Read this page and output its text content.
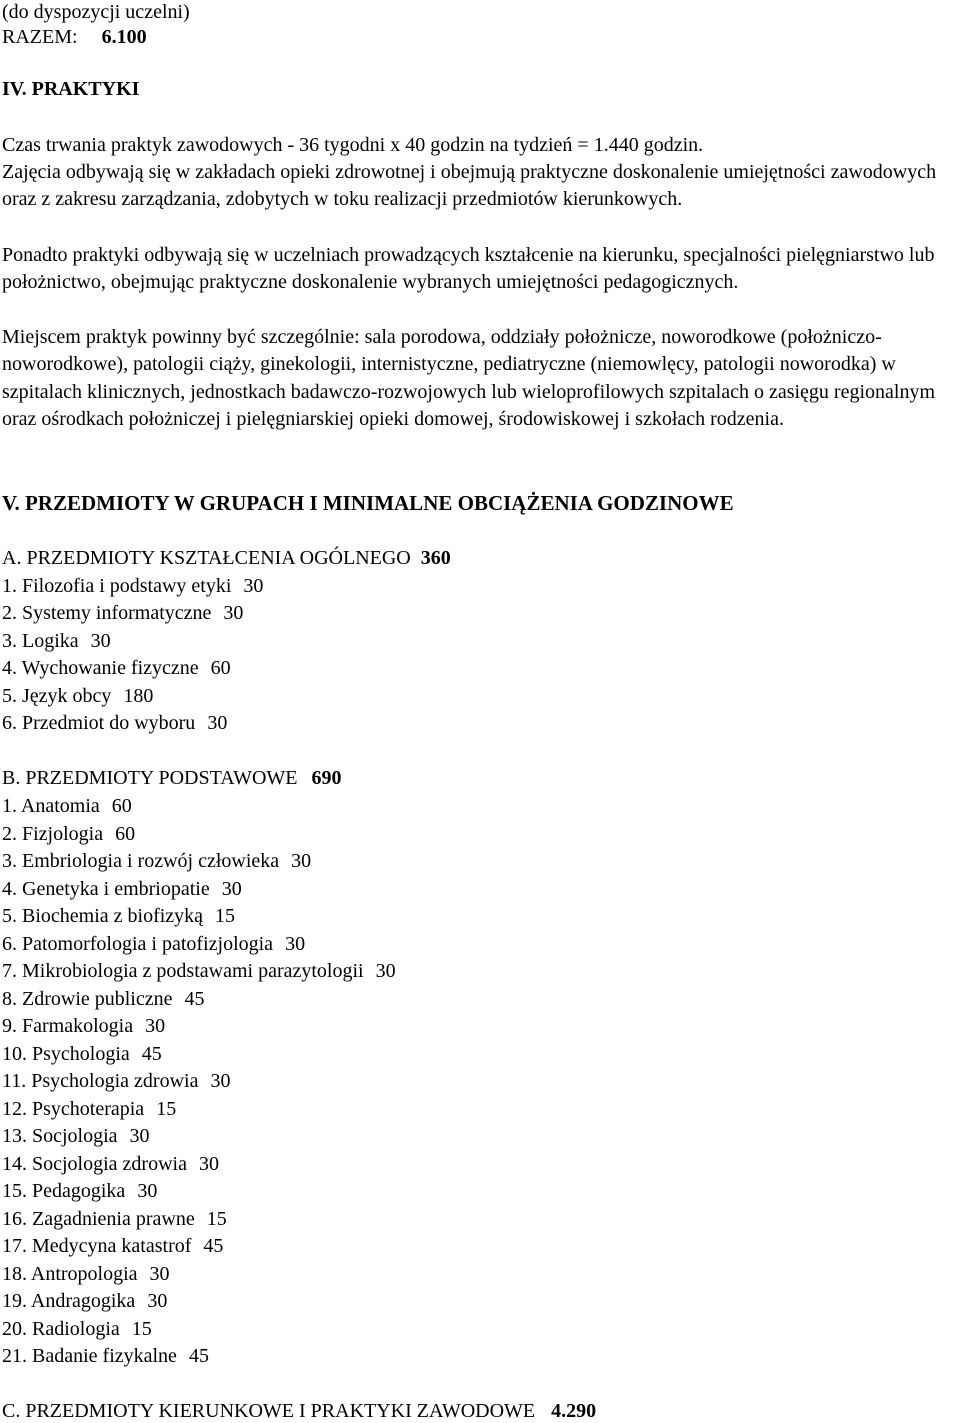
(do dyspozycji uczelni)
RAZEM: 6.100
IV. PRAKTYKI
Czas trwania praktyk zawodowych - 36 tygodni x 40 godzin na tydzień = 1.440 godzin.
Zajęcia odbywają się w zakładach opieki zdrowotnej i obejmują praktyczne doskonalenie umiejętności zawodowych oraz z zakresu zarządzania, zdobytych w toku realizacji przedmiotów kierunkowych.
Ponadto praktyki odbywają się w uczelniach prowadzących kształcenie na kierunku, specjalności pielęgniarstwo lub położnictwo, obejmując praktyczne doskonalenie wybranych umiejętności pedagogicznych.
Miejscem praktyk powinny być szczególnie: sala porodowa, oddziały położnicze, noworodkowe (położniczo-noworodkowe), patologii ciąży, ginekologii, internistyczne, pediatryczne (niemowlęcy, patologii noworodka) w szpitalach klinicznych, jednostkach badawczo-rozwojowych lub wieloprofilowych szpitalach o zasięgu regionalnym oraz ośrodkach położniczej i pielęgniarskiej opieki domowej, środowiskowej i szkołach rodzenia.
V. PRZEDMIOTY W GRUPACH I MINIMALNE OBCIĄŻENIA GODZINOWE
A. PRZEDMIOTY KSZTAŁCENIA OGÓLNEGO 360
1. Filozofia i podstawy etyki 30
2. Systemy informatyczne 30
3. Logika 30
4. Wychowanie fizyczne 60
5. Język obcy 180
6. Przedmiot do wyboru 30
B. PRZEDMIOTY PODSTAWOWE 690
1. Anatomia 60
2. Fizjologia 60
3. Embriologia i rozwój człowieka 30
4. Genetyka i embriopatie 30
5. Biochemia z biofizyką 15
6. Patomorfologia i patofizjologia 30
7. Mikrobiologia z podstawami parazytologii 30
8. Zdrowie publiczne 45
9. Farmakologia 30
10. Psychologia 45
11. Psychologia zdrowia 30
12. Psychoterapia 15
13. Socjologia 30
14. Socjologia zdrowia 30
15. Pedagogika 30
16. Zagadnienia prawne 15
17. Medycyna katastrof 45
18. Antropologia 30
19. Andragogika 30
20. Radiologia 15
21. Badanie fizykalne 45
C. PRZEDMIOTY KIERUNKOWE I PRAKTYKI ZAWODOWE 4.290
